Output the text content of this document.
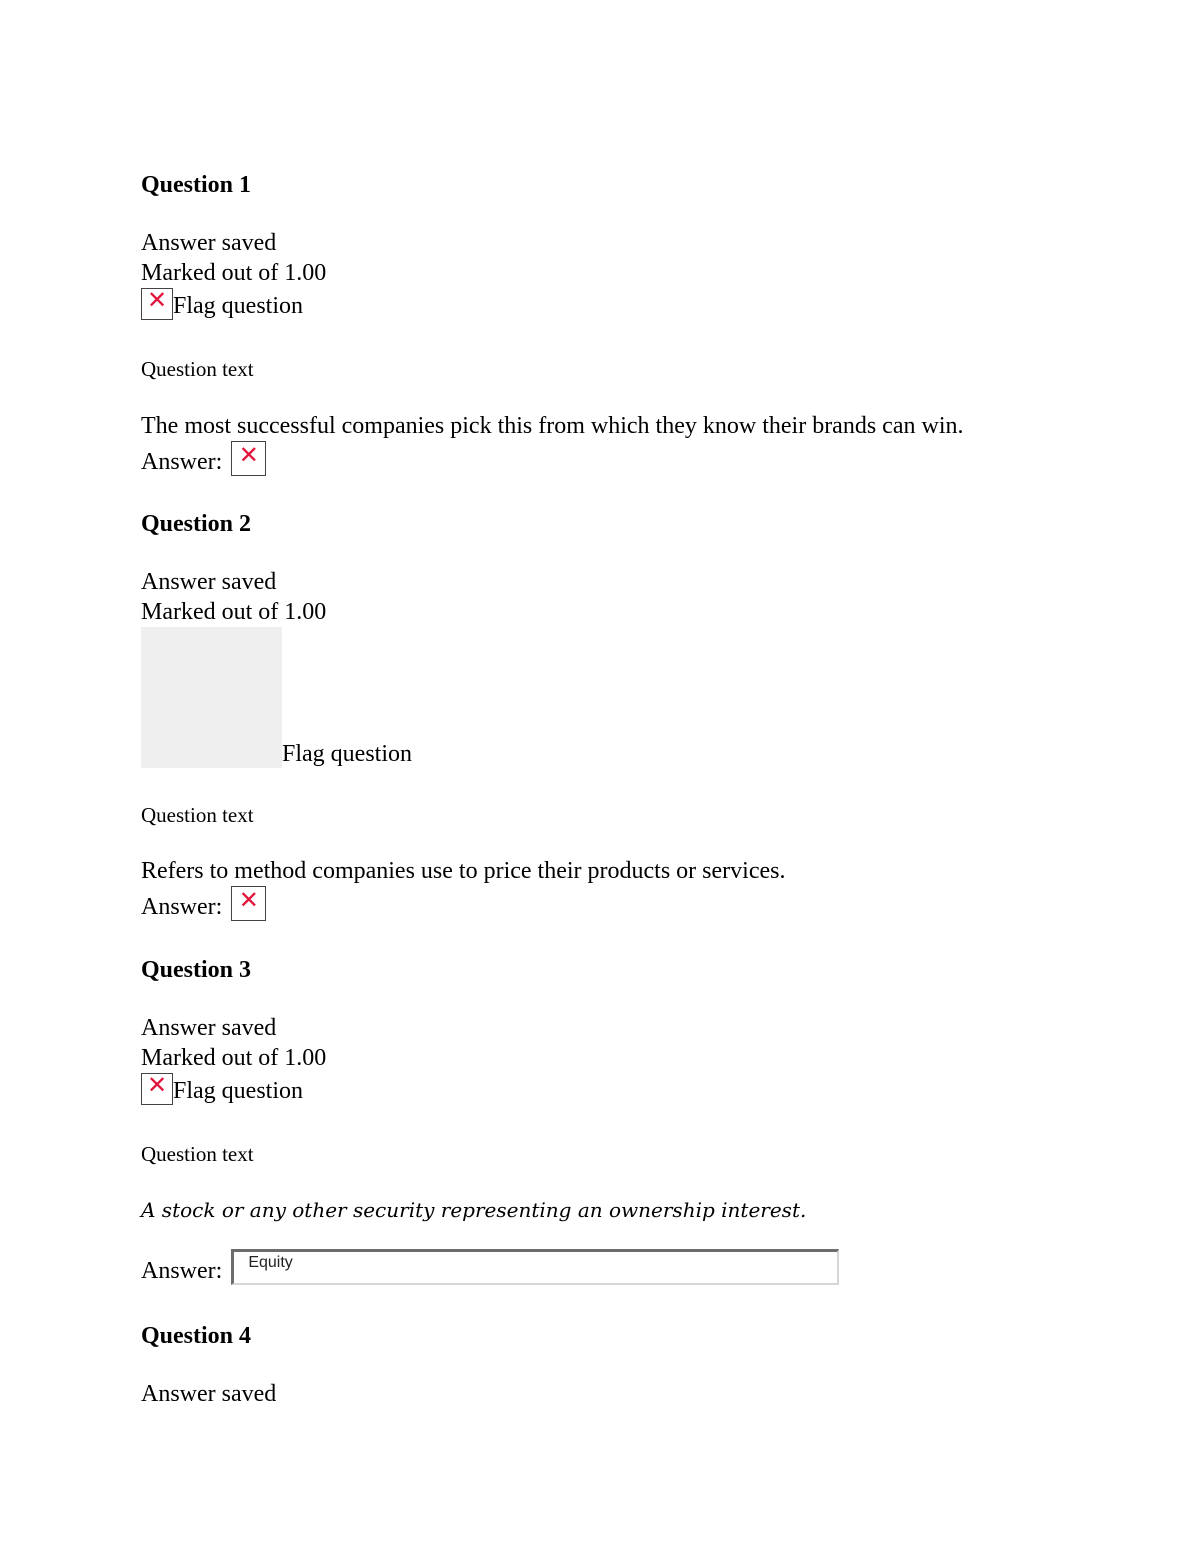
Question 1
Answer saved
Marked out of 1.00
✕ Flag question
Question text
The most successful companies pick this from which they know their brands can win.
Answer: ✕
Question 2
Answer saved
Marked out of 1.00
Flag question
Question text
Refers to method companies use to price their products or services.
Answer: ✕
Question 3
Answer saved
Marked out of 1.00
✕ Flag question
Question text
A stock or any other security representing an ownership interest.
Answer:	Equity
Question 4
Answer saved
